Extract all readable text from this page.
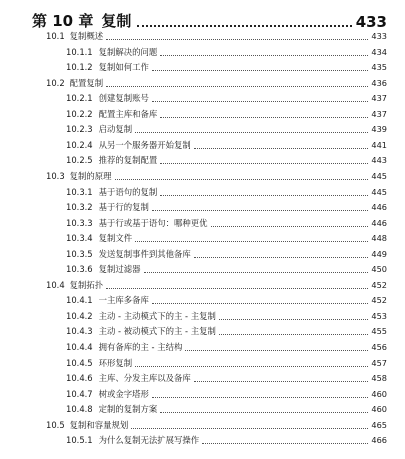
第 10 章 复制	433
10.1 复制概述	433
10.1.1 复制解决的问题	434
10.1.2 复制如何工作	435
10.2 配置复制	436
10.2.1 创建复制账号	437
10.2.2 配置主库和备库	437
10.2.3 启动复制	439
10.2.4 从另一个服务器开始复制	441
10.2.5 推荐的复制配置	443
10.3 复制的原理	445
10.3.1 基于语句的复制	445
10.3.2 基于行的复制	446
10.3.3 基于行或基于语句：哪种更优	446
10.3.4 复制文件	448
10.3.5 发送复制事件到其他备库	449
10.3.6 复制过滤器	450
10.4 复制拓扑	452
10.4.1 一主库多备库	452
10.4.2 主动 - 主动模式下的主 - 主复制	453
10.4.3 主动 - 被动模式下的主 - 主复制	455
10.4.4 拥有备库的主 - 主结构	456
10.4.5 环形复制	457
10.4.6 主库、分发主库以及备库	458
10.4.7 树或金字塔形	460
10.4.8 定制的复制方案	460
10.5 复制和容量规划	465
10.5.1 为什么复制无法扩展写操作	466
